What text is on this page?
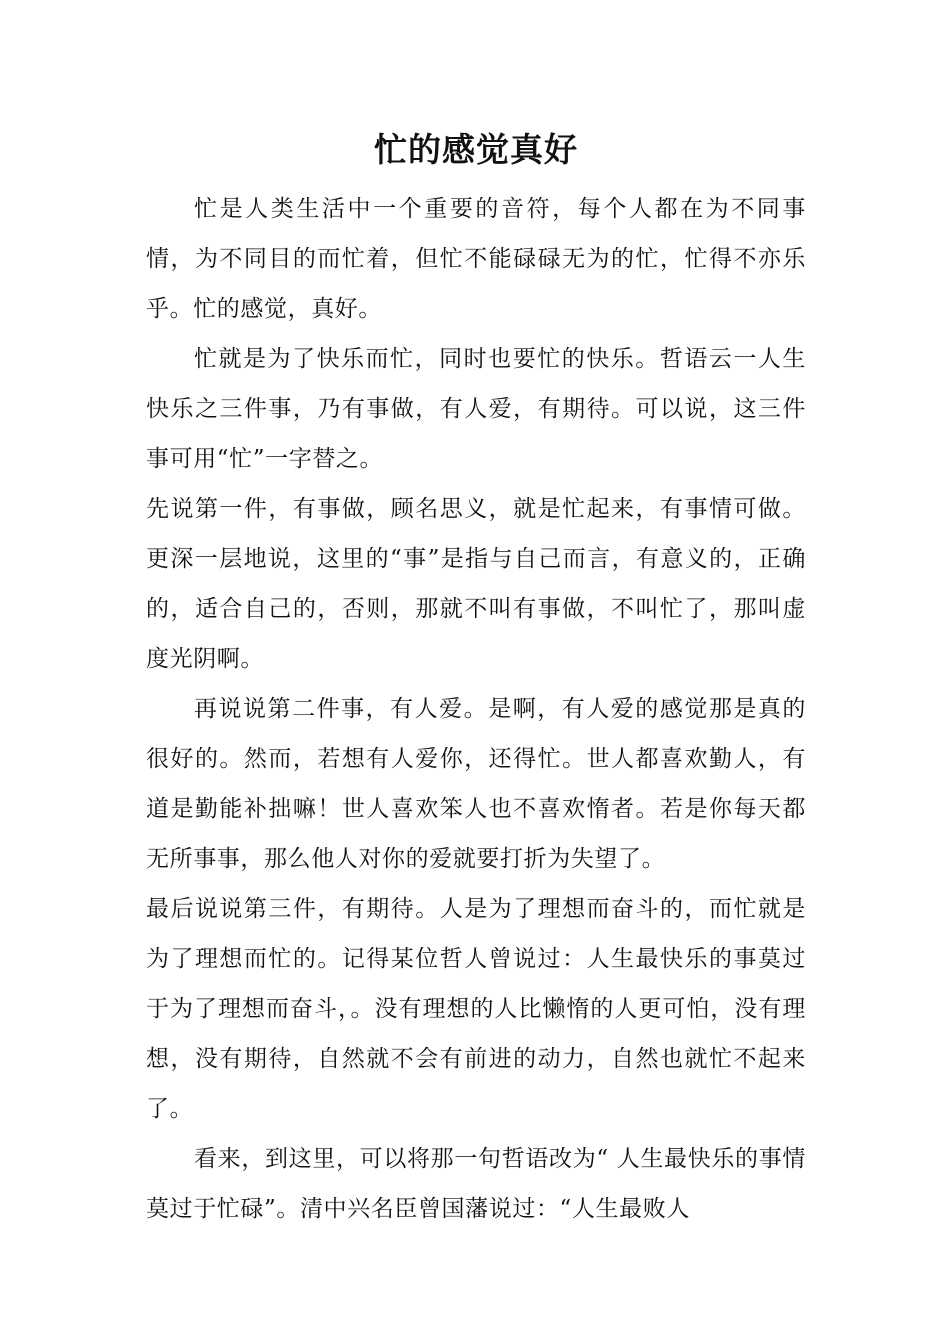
忙的感觉真好

忙是人类生活中一个重要的音符，每个人都在为不同事情，为不同目的而忙着，但忙不能碌碌无为的忙，忙得不亦乐乎。忙的感觉，真好。

忙就是为了快乐而忙，同时也要忙的快乐。哲语云一人生快乐之三件事，乃有事做，有人爱，有期待。可以说，这三件事可用“忙”一字替之。

先说第一件，有事做，顾名思义，就是忙起来，有事情可做。更深一层地说，这里的“事”是指与自己而言，有意义的，正确的，适合自己的，否则，那就不叫有事做，不叫忙了，那叫虚度光阴啊。

再说说第二件事，有人爱。是啊，有人爱的感觉那是真的很好的。然而，若想有人爱你，还得忙。世人都喜欢勤人，有道是勤能补拙嘛！世人喜欢笨人也不喜欢惰者。若是你每天都无所事事，那么他人对你的爱就要打折为失望了。

最后说说第三件，有期待。人是为了理想而奋斗的，而忙就是为了理想而忙的。记得某位哲人曾说过：人生最快乐的事莫过于为了理想而奋斗，。没有理想的人比懒惰的人更可怕，没有理想，没有期待，自然就不会有前进的动力，自然也就忙不起来了。

看来，到这里，可以将那一句哲语改为“ 人生最快乐的事情莫过于忙碌”。清中兴名臣曾国藩说过：“人生最败人
